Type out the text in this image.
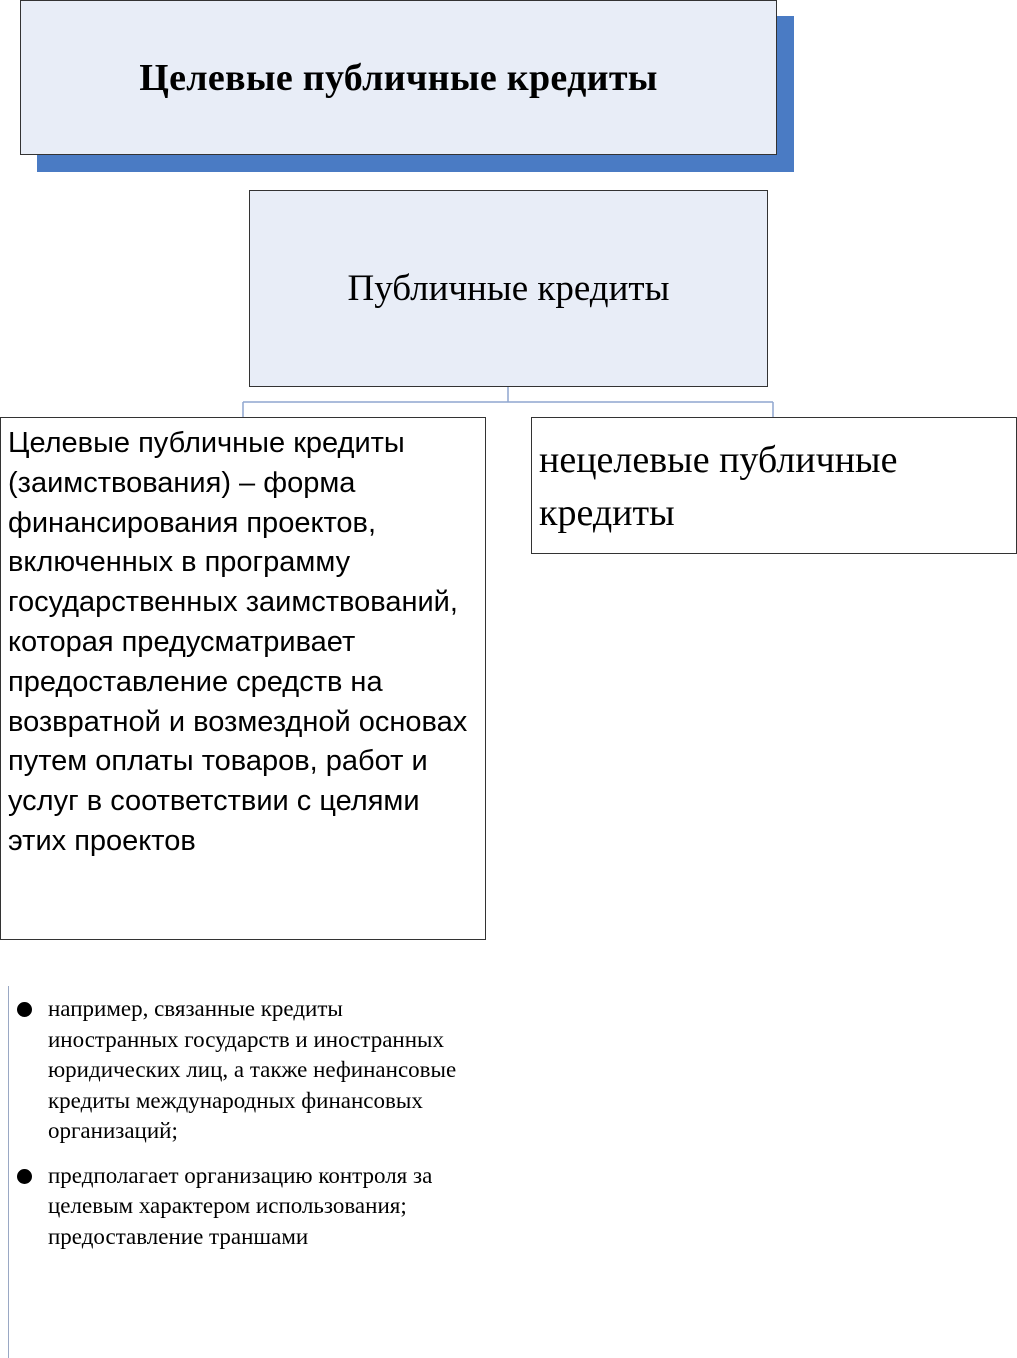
Целевые публичные кредиты
Публичные кредиты
Целевые публичные кредиты (заимствования) – форма финансирования проектов, включенных в программу государственных заимствований, которая предусматривает предоставление средств на возвратной и возмездной основах путем оплаты товаров, работ и услуг в соответствии с целями этих проектов
нецелевые публичные кредиты
например, связанные кредиты иностранных государств и иностранных юридических лиц, а также нефинансовые кредиты международных финансовых организаций;
предполагает организацию контроля за целевым характером использования; предоставление траншами
